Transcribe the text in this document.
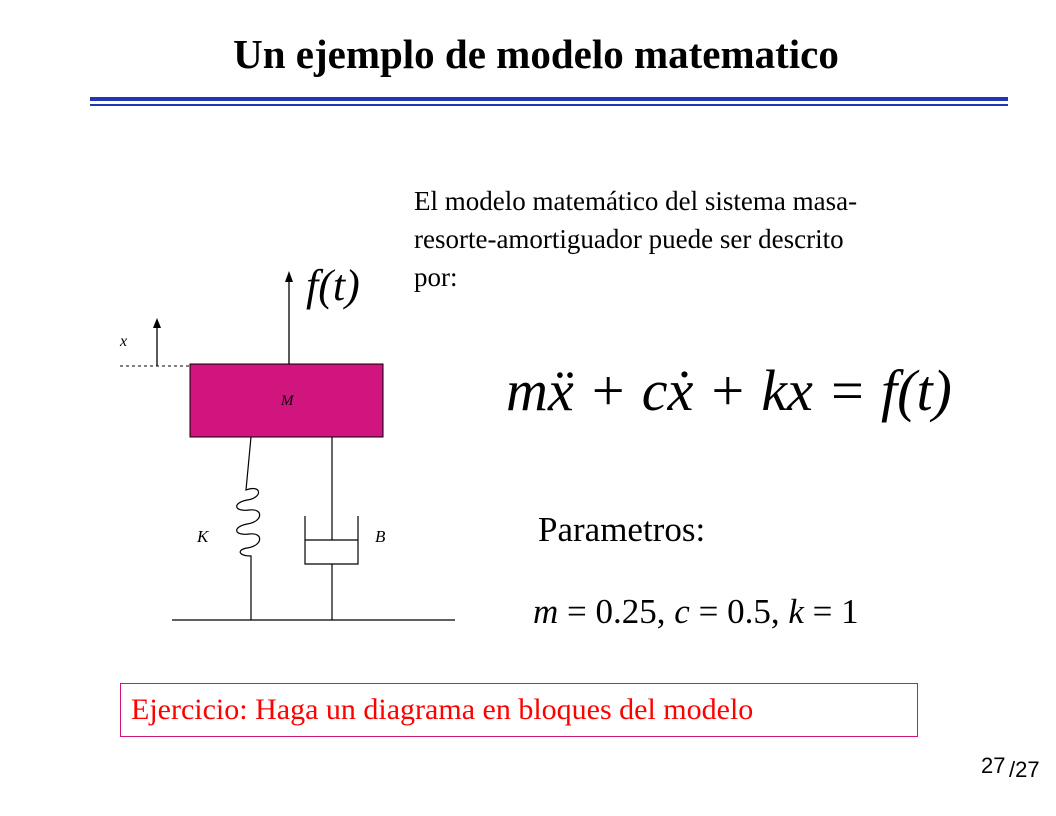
Un ejemplo de modelo matematico
El modelo matemático del sistema masa-
resorte-amortiguador puede ser descrito
por:
x
f(t)
M
K	B
mẍ + cẋ + kx = f(t)
Parametros:
m = 0.25, c = 0.5, k = 1
Ejercicio: Haga un diagrama en bloques del modelo
27 /27
